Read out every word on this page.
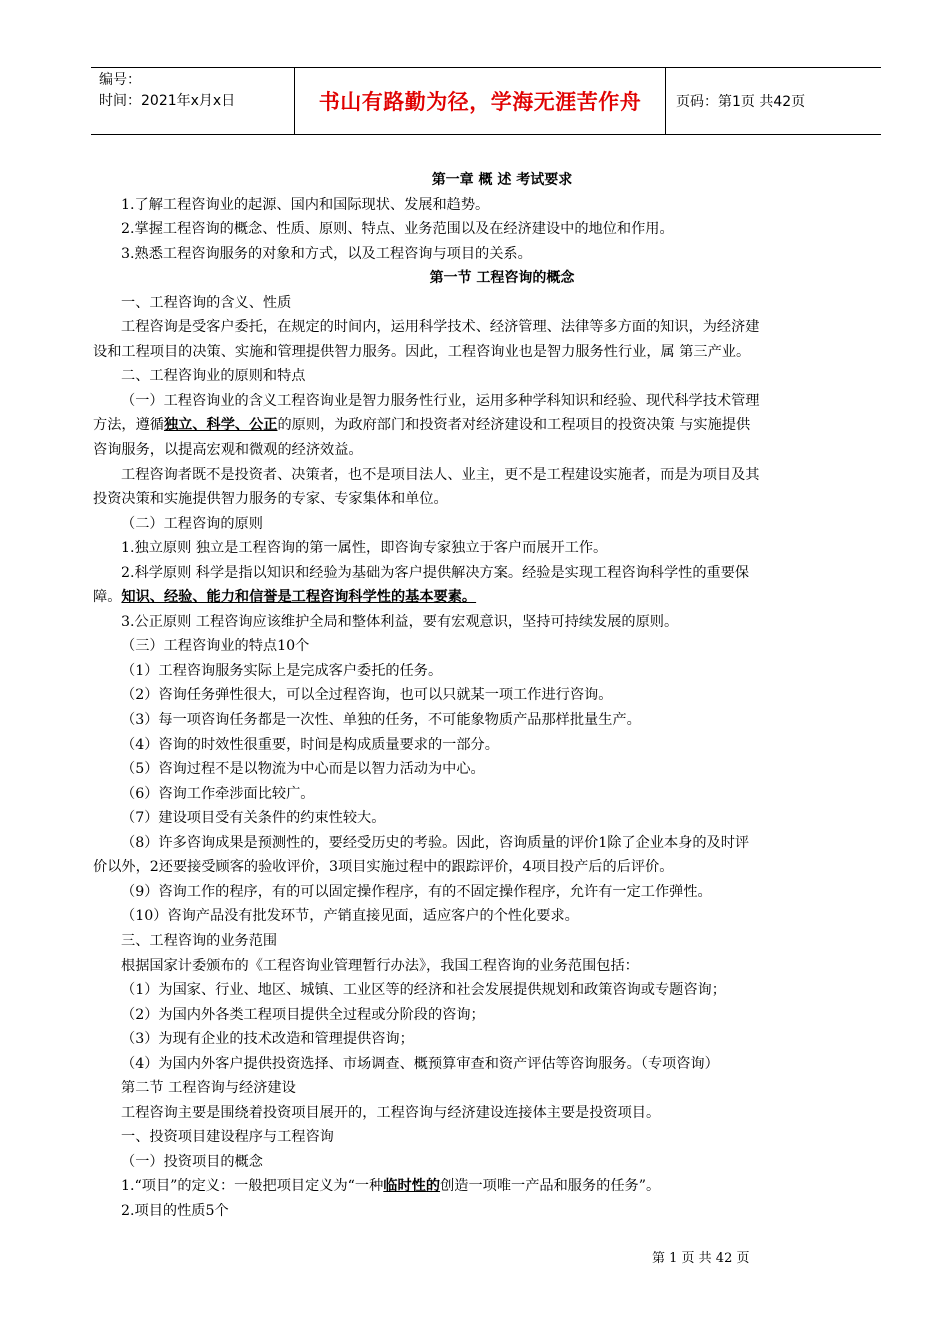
编号：
时间：2021年x月x日	书山有路勤为径，学海无涯苦作舟	页码：第1页 共42页

第一章 概 述 考试要求

1.了解工程咨询业的起源、国内和国际现状、发展和趋势。

2.掌握工程咨询的概念、性质、原则、特点、业务范围以及在经济建设中的地位和作用。

3.熟悉工程咨询服务的对象和方式，以及工程咨询与项目的关系。

第一节 工程咨询的概念

一、工程咨询的含义、性质

工程咨询是受客户委托，在规定的时间内，运用科学技术、经济管理、法律等多方面的知识，为经济建

设和工程项目的决策、实施和管理提供智力服务。因此，工程咨询业也是智力服务性行业，属 第三产业。

二、工程咨询业的原则和特点

（一）工程咨询业的含义工程咨询业是智力服务性行业，运用多种学科知识和经验、现代科学技术管理

方法，遵循独立、科学、公正的原则，为政府部门和投资者对经济建设和工程项目的投资决策 与实施提供

咨询服务，以提高宏观和微观的经济效益。

工程咨询者既不是投资者、决策者，也不是项目法人、业主，更不是工程建设实施者，而是为项目及其

投资决策和实施提供智力服务的专家、专家集体和单位。

（二）工程咨询的原则

1.独立原则 独立是工程咨询的第一属性，即咨询专家独立于客户而展开工作。

2.科学原则 科学是指以知识和经验为基础为客户提供解决方案。经验是实现工程咨询科学性的重要保

障。知识、经验、能力和信誉是工程咨询科学性的基本要素。

3.公正原则 工程咨询应该维护全局和整体利益，要有宏观意识，坚持可持续发展的原则。

（三）工程咨询业的特点10个

（1）工程咨询服务实际上是完成客户委托的任务。

（2）咨询任务弹性很大，可以全过程咨询，也可以只就某一项工作进行咨询。

（3）每一项咨询任务都是一次性、单独的任务，不可能象物质产品那样批量生产。

（4）咨询的时效性很重要，时间是构成质量要求的一部分。

（5）咨询过程不是以物流为中心而是以智力活动为中心。

（6）咨询工作牵涉面比较广。

（7）建设项目受有关条件的约束性较大。

（8）许多咨询成果是预测性的，要经受历史的考验。因此，咨询质量的评价1除了企业本身的及时评

价以外，2还要接受顾客的验收评价，3项目实施过程中的跟踪评价，4项目投产后的后评价。

（9）咨询工作的程序，有的可以固定操作程序，有的不固定操作程序，允许有一定工作弹性。

（10）咨询产品没有批发环节，产销直接见面，适应客户的个性化要求。

三、工程咨询的业务范围

根据国家计委颁布的《工程咨询业管理暂行办法》，我国工程咨询的业务范围包括：

（1）为国家、行业、地区、城镇、工业区等的经济和社会发展提供规划和政策咨询或专题咨询；

（2）为国内外各类工程项目提供全过程或分阶段的咨询；

（3）为现有企业的技术改造和管理提供咨询；

（4）为国内外客户提供投资选择、市场调查、概预算审查和资产评估等咨询服务。（专项咨询）

第二节 工程咨询与经济建设

工程咨询主要是围绕着投资项目展开的，工程咨询与经济建设连接体主要是投资项目。

一、投资项目建设程序与工程咨询

（一）投资项目的概念

1.“项目”的定义：一般把项目定义为“一种临时性的创造一项唯一产品和服务的任务”。

2.项目的性质5个

第 1 页 共 42 页
